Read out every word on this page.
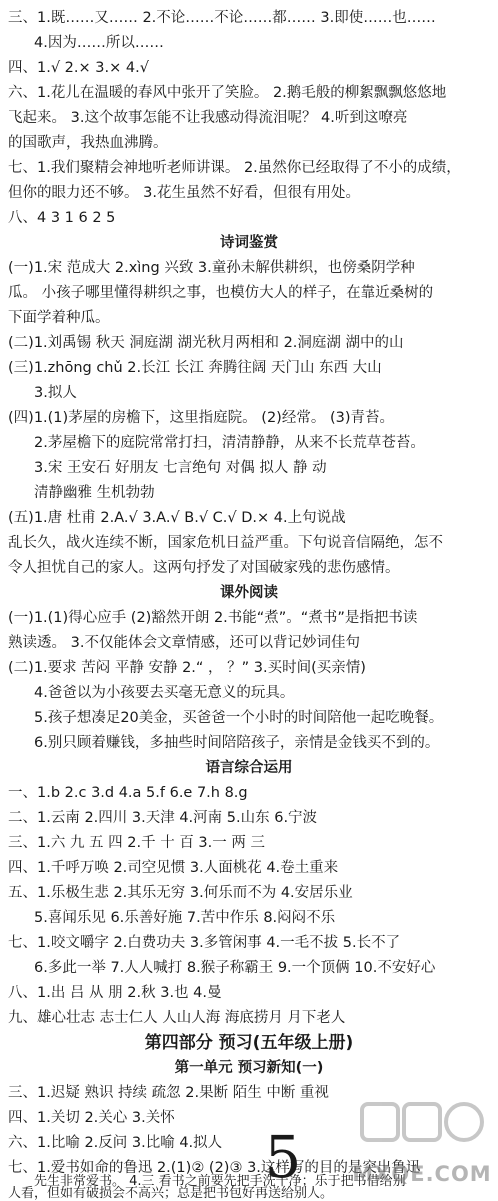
三、1.既……又…… 2.不论……不论……都…… 3.即使……也……
4.因为……所以……
四、1.√ 2.× 3.× 4.√
六、1.花儿在温暖的春风中张开了笑脸。 2.鹅毛般的柳絮飘飘悠悠地
飞起来。 3.这个故事怎能不让我感动得流泪呢？ 4.听到这嘹亮
的国歌声，我热血沸腾。
七、1.我们聚精会神地听老师讲课。 2.虽然你已经取得了不小的成绩，
但你的眼力还不够。 3.花生虽然不好看，但很有用处。
八、4 3 1 6 2 5
诗词鉴赏
(一)1.宋 范成大 2.xìng 兴致 3.童孙未解供耕织，也傍桑阴学种
瓜。 小孩子哪里懂得耕织之事，也模仿大人的样子，在靠近桑树的
下面学着种瓜。
(二)1.刘禹锡 秋天 洞庭湖 湖光秋月两相和 2.洞庭湖 湖中的山
(三)1.zhōng chǔ 2.长江 长江 奔腾往阔 天门山 东西 大山
3.拟人
(四)1.(1)茅屋的房檐下，这里指庭院。 (2)经常。 (3)青苔。
2.茅屋檐下的庭院常常打扫，清清静静，从来不长荒草苍苔。
3.宋 王安石 好朋友 七言绝句 对偶 拟人 静 动
清静幽雅 生机勃勃
(五)1.唐 杜甫 2.A.√ 3.A.√ B.√ C.√ D.× 4.上句说战
乱长久，战火连续不断，国家危机日益严重。下句说音信隔绝，怎不
令人担忧自己的家人。这两句抒发了对国破家残的悲伤感情。
课外阅读
(一)1.(1)得心应手 (2)豁然开朗 2.书能“煮”。“煮书”是指把书读
熟读透。 3.不仅能体会文章情感，还可以背记妙词佳句
(二)1.要求 苦闷 平静 安静 2.“ ， ？” 3.买时间(买亲情)
4.爸爸以为小孩要去买毫无意义的玩具。
5.孩子想凑足20美金，买爸爸一个小时的时间陪他一起吃晚餐。
6.别只顾着赚钱，多抽些时间陪陪孩子，亲情是金钱买不到的。
语言综合运用
一、1.b 2.c 3.d 4.a 5.f 6.e 7.h 8.g
二、1.云南 2.四川 3.天津 4.河南 5.山东 6.宁波
三、1.六 九 五 四 2.千 十 百 3.一 两 三
四、1.千呼万唤 2.司空见惯 3.人面桃花 4.卷土重来
五、1.乐极生悲 2.其乐无穷 3.何乐而不为 4.安居乐业
5.喜闻乐见 6.乐善好施 7.苦中作乐 8.闷闷不乐
七、1.咬文嚼字 2.白费功夫 3.多管闲事 4.一毛不拔 5.长不了
6.多此一举 7.人人喊打 8.猴子称霸王 9.一个顶俩 10.不安好心
八、1.出 吕 从 朋 2.秋 3.也 4.曼
九、雄心壮志 志士仁人 人山人海 海底捞月 月下老人
第四部分 预习(五年级上册)
第一单元 预习新知(一)
三、1.迟疑 熟识 持续 疏忽 2.果断 陌生 中断 重视
四、1.关切 2.关心 3.关怀
六、1.比喻 2.反问 3.比喻 4.拟人
七、1.爱书如命的鲁迅 2.(1)② (2)③ 3.这样写的目的是突出鲁迅
先生非常爱书。 4.三 看书之前要先把手洗干净；乐于把书借给别
人看，但如有破损会不高兴；总是把书包好再送给别人。
5	MXQE.COM
